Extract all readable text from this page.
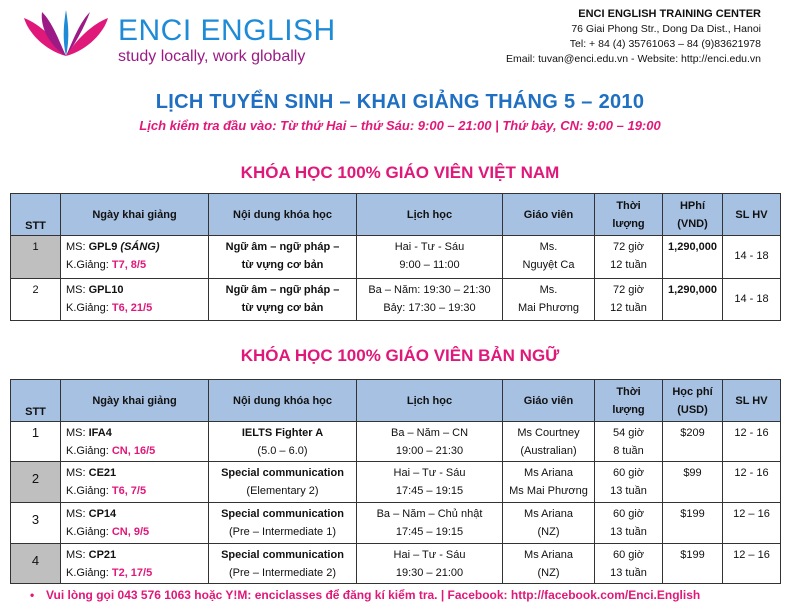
ENCI ENGLISH
study locally, work globally
ENCI ENGLISH TRAINING CENTER
76 Giai Phong Str., Dong Da Dist., Hanoi
Tel: + 84 (4) 35761063 – 84 (9)83621978
Email: tuvan@enci.edu.vn - Website: http://enci.edu.vn
LỊCH TUYỂN SINH – KHAI GIẢNG THÁNG 5 – 2010
Lịch kiểm tra đầu vào: Từ thứ Hai – thứ Sáu: 9:00 – 21:00 | Thứ bảy, CN: 9:00 – 19:00
KHÓA HỌC 100% GIÁO VIÊN VIỆT NAM
STT	Ngày khai giảng	Nội dung khóa học	Lịch học	Giáo viên	Thời
lượng	HPhí
(VND)	SL HV
1	MS: GPL9 (SÁNG)
K.Giảng: T7, 8/5	Ngữ âm – ngữ pháp –
từ vựng cơ bản	Hai - Tư - Sáu
9:00 – 11:00	Ms.
Nguyệt Ca	72 giờ
12 tuần	1,290,000	14 - 18
2	MS: GPL10
K.Giảng: T6, 21/5	Ngữ âm – ngữ pháp –
từ vựng cơ bản	Ba – Năm: 19:30 – 21:30
Bảy: 17:30 – 19:30	Ms.
Mai Phương	72 giờ
12 tuần	1,290,000	14 - 18
KHÓA HỌC 100% GIÁO VIÊN BẢN NGỮ
STT	Ngày khai giảng	Nội dung khóa học	Lịch học	Giáo viên	Thời
lượng	Học phí
(USD)	SL HV
1	MS: IFA4
K.Giảng: CN, 16/5	IELTS Fighter A
(5.0 – 6.0)	Ba – Năm – CN
19:00 – 21:30	Ms Courtney
(Australian)	54 giờ
8 tuần	$209	12 - 16
2	MS: CE21
K.Giảng: T6, 7/5	Special communication
(Elementary 2)	Hai – Tư - Sáu
17:45 – 19:15	Ms Ariana
Ms Mai Phương	60 giờ
13 tuần	$99	12 - 16
3	MS: CP14
K.Giảng: CN, 9/5	Special communication
(Pre – Intermediate 1)	Ba – Năm – Chủ nhật
17:45 – 19:15	Ms Ariana
(NZ)	60 giờ
13 tuần	$199	12 – 16
4	MS: CP21
K.Giảng: T2, 17/5	Special communication
(Pre – Intermediate 2)	Hai – Tư - Sáu
19:30 – 21:00	Ms Ariana
(NZ)	60 giờ
13 tuần	$199	12 – 16
• Vui lòng gọi 043 576 1063 hoặc Y!M: enciclasses để đăng kí kiểm tra. | Facebook: http://facebook.com/Enci.English
